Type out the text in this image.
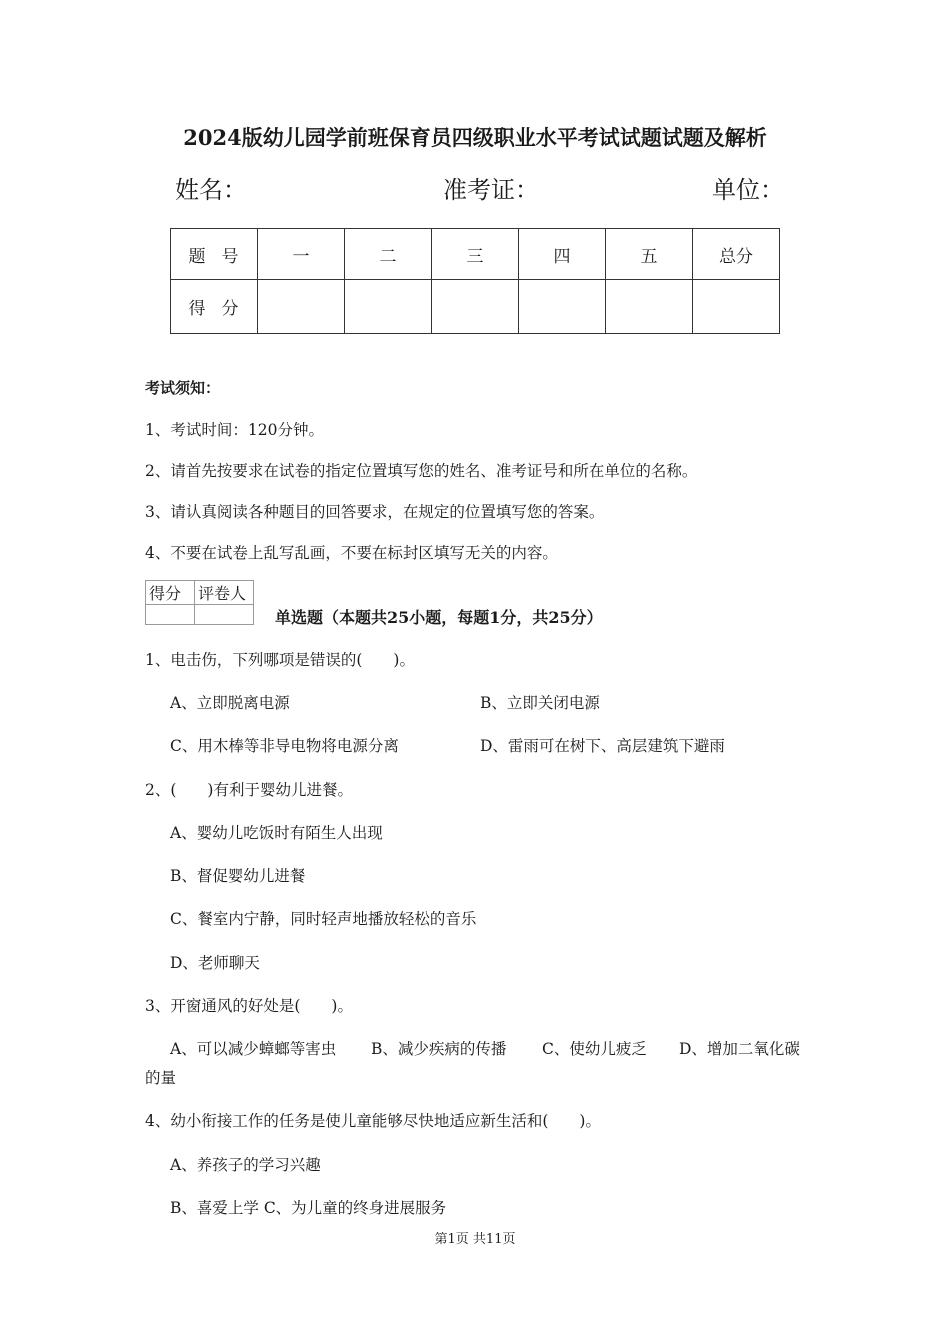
2024版幼儿园学前班保育员四级职业水平考试试题试题及解析
姓名：	准考证：	单位：
题号	一	二	三	四	五	总分
得分						
考试须知：
1、考试时间：120分钟。
2、请首先按要求在试卷的指定位置填写您的姓名、准考证号和所在单位的名称。
3、请认真阅读各种题目的回答要求，在规定的位置填写您的答案。
4、不要在试卷上乱写乱画，不要在标封区填写无关的内容。
得分	评卷人

单选题（本题共25小题，每题1分，共25分）
1、电击伤，下列哪项是错误的(　　)。
A、立即脱离电源	B、立即关闭电源
C、用木棒等非导电物将电源分离	D、雷雨可在树下、高层建筑下避雨
2、(　　)有利于婴幼儿进餐。
A、婴幼儿吃饭时有陌生人出现
B、督促婴幼儿进餐
C、餐室内宁静，同时轻声地播放轻松的音乐
D、老师聊天
3、开窗通风的好处是(　　)。
A、可以减少蟑螂等害虫 B、减少疾病的传播 C、使幼儿疲乏 D、增加二氧化碳
的量
4、幼小衔接工作的任务是使儿童能够尽快地适应新生活和(　　)。
A、养孩子的学习兴趣
B、喜爱上学 C、为儿童的终身进展服务
第1页 共11页
